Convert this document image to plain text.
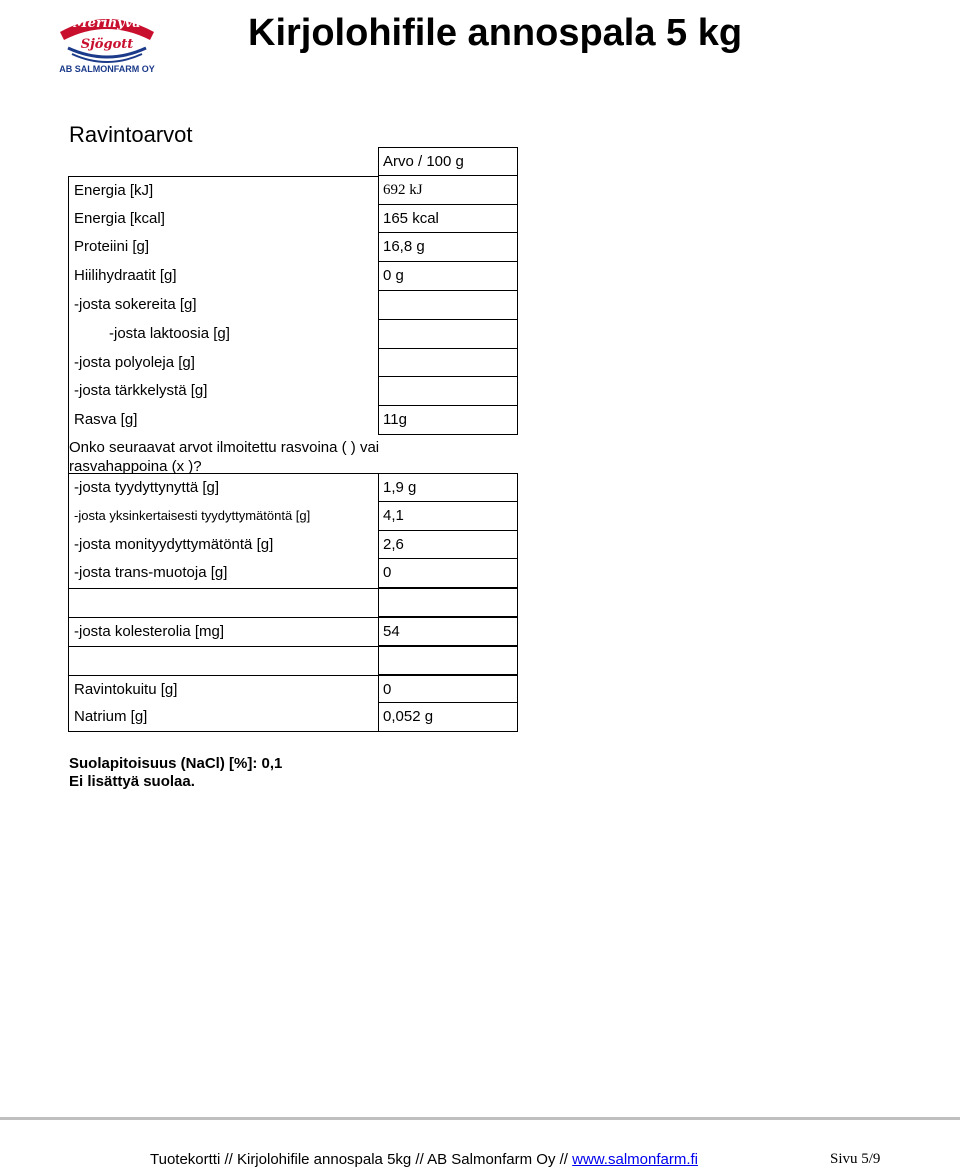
Merihyvä
Sjögott
AB SALMONFARM OY
Kirjolohifile annospala 5 kg
Ravintoarvot
Arvo / 100 g
Energia [kJ]	692 kJ
Energia [kcal]	165 kcal
Proteiini [g]	16,8 g
Hiilihydraatit [g]	0 g
-josta sokereita [g]
-josta laktoosia [g]
-josta polyoleja [g]
-josta tärkkelystä [g]
Rasva [g]	11g
-josta tyydyttynyttä [g]	1,9 g
-josta yksinkertaisesti tyydyttymätöntä [g]	4,1
-josta monityydyttymätöntä [g]	2,6
-josta trans-muotoja [g]	0
-josta kolesterolia [mg]	54
Ravintokuitu [g]	0
Natrium [g]	0,052 g
Onko seuraavat arvot ilmoitettu rasvoina ( ) vai rasvahappoina (x )?
Suolapitoisuus (NaCl) [%]: 0,1
Ei lisättyä suolaa.
Tuotekortti // Kirjolohifile annospala 5kg // AB Salmonfarm Oy // www.salmonfarm.fi	Sivu 5/9
